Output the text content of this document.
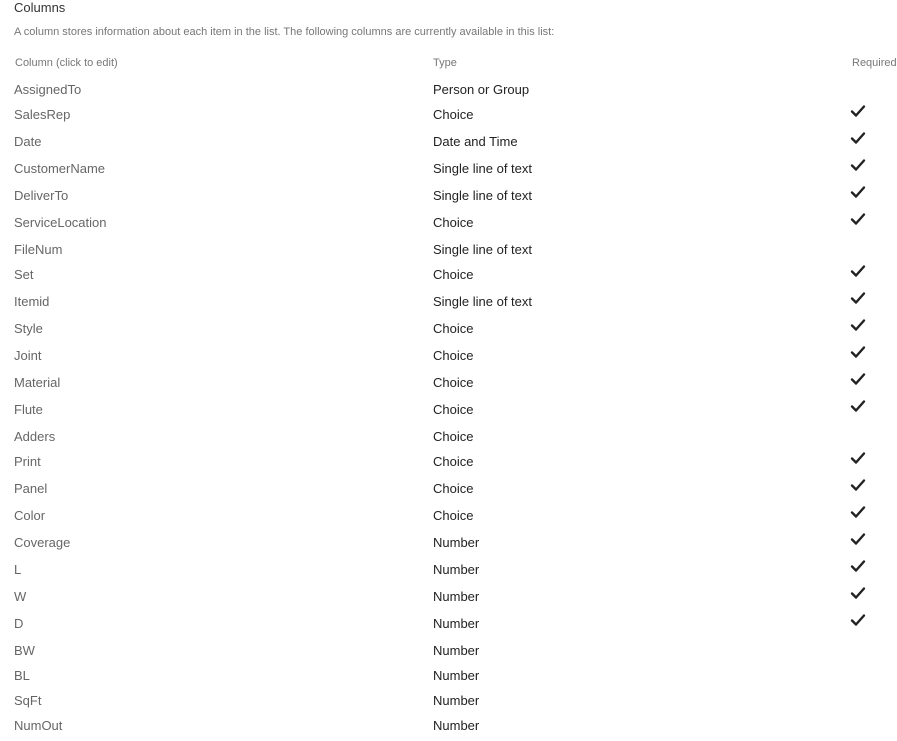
Columns
A column stores information about each item in the list. The following columns are currently available in this list:
Column (click to edit)	Type	Required
AssignedTo	Person or Group
SalesRep	Choice
Date	Date and Time
CustomerName	Single line of text
DeliverTo	Single line of text
ServiceLocation	Choice
FileNum	Single line of text
Set	Choice
Itemid	Single line of text
Style	Choice
Joint	Choice
Material	Choice
Flute	Choice
Adders	Choice
Print	Choice
Panel	Choice
Color	Choice
Coverage	Number
L	Number
W	Number
D	Number
BW	Number
BL	Number
SqFt	Number
NumOut	Number
